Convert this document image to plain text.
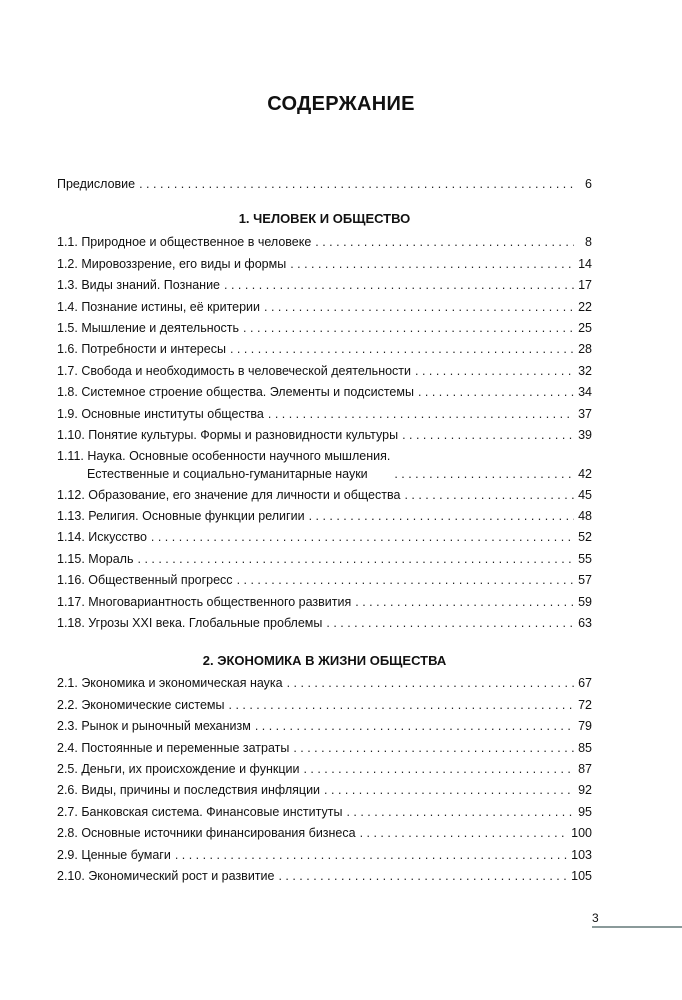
СОДЕРЖАНИЕ
Предисловие . . .	6
1. ЧЕЛОВЕК И ОБЩЕСТВО
1.1. Природное и общественное в человеке . . .	8
1.2. Мировоззрение, его виды и формы . . .	14
1.3. Виды знаний. Познание . . .	17
1.4. Познание истины, её критерии . . .	22
1.5. Мышление и деятельность . . .	25
1.6. Потребности и интересы . . .	28
1.7. Свобода и необходимость в человеческой деятельности . . .	32
1.8. Системное строение общества. Элементы и подсистемы . . .	34
1.9. Основные институты общества . . .	37
1.10. Понятие культуры. Формы и разновидности культуры . . .	39
1.11. Наука. Основные особенности научного мышления.
Естественные и социально-гуманитарные науки . . .	42
1.12. Образование, его значение для личности и общества . . .	45
1.13. Религия. Основные функции религии . . .	48
1.14. Искусство . . .	52
1.15. Мораль . . .	55
1.16. Общественный прогресс . . .	57
1.17. Многовариантность общественного развития . . .	59
1.18. Угрозы XXI века. Глобальные проблемы . . .	63
2. ЭКОНОМИКА В ЖИЗНИ ОБЩЕСТВА
2.1. Экономика и экономическая наука . . .	67
2.2. Экономические системы . . .	72
2.3. Рынок и рыночный механизм . . .	79
2.4. Постоянные и переменные затраты . . .	85
2.5. Деньги, их происхождение и функции . . .	87
2.6. Виды, причины и последствия инфляции . . .	92
2.7. Банковская система. Финансовые институты . . .	95
2.8. Основные источники финансирования бизнеса . . .	100
2.9. Ценные бумаги . . .	103
2.10. Экономический рост и развитие . . .	105
3
